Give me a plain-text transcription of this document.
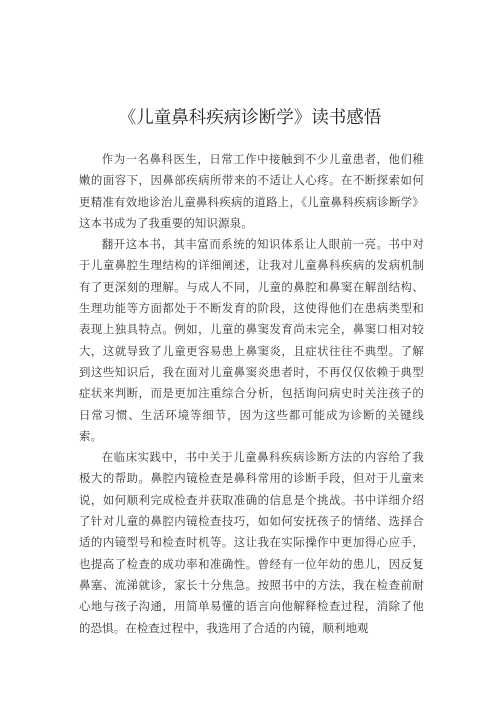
《儿童鼻科疾病诊断学》读书感悟

作为一名鼻科医生，日常工作中接触到不少儿童患者，他们稚嫩的面容下，因鼻部疾病所带来的不适让人心疼。在不断探索如何更精准有效地诊治儿童鼻科疾病的道路上，《儿童鼻科疾病诊断学》这本书成为了我重要的知识源泉。

翻开这本书，其丰富而系统的知识体系让人眼前一亮。书中对于儿童鼻腔生理结构的详细阐述，让我对儿童鼻科疾病的发病机制有了更深刻的理解。与成人不同，儿童的鼻腔和鼻窦在解剖结构、生理功能等方面都处于不断发育的阶段，这使得他们在患病类型和表现上独具特点。例如，儿童的鼻窦发育尚未完全，鼻窦口相对较大，这就导致了儿童更容易患上鼻窦炎，且症状往往不典型。了解到这些知识后，我在面对儿童鼻窦炎患者时，不再仅仅依赖于典型症状来判断，而是更加注重综合分析，包括询问病史时关注孩子的日常习惯、生活环境等细节，因为这些都可能成为诊断的关键线索。

在临床实践中，书中关于儿童鼻科疾病诊断方法的内容给了我极大的帮助。鼻腔内镜检查是鼻科常用的诊断手段，但对于儿童来说，如何顺利完成检查并获取准确的信息是个挑战。书中详细介绍了针对儿童的鼻腔内镜检查技巧，如如何安抚孩子的情绪、选择合适的内镜型号和检查时机等。这让我在实际操作中更加得心应手，也提高了检查的成功率和准确性。曾经有一位年幼的患儿，因反复鼻塞、流涕就诊，家长十分焦急。按照书中的方法，我在检查前耐心地与孩子沟通，用简单易懂的语言向他解释检查过程，消除了他的恐惧。在检查过程中，我选用了合适的内镜，顺利地观
